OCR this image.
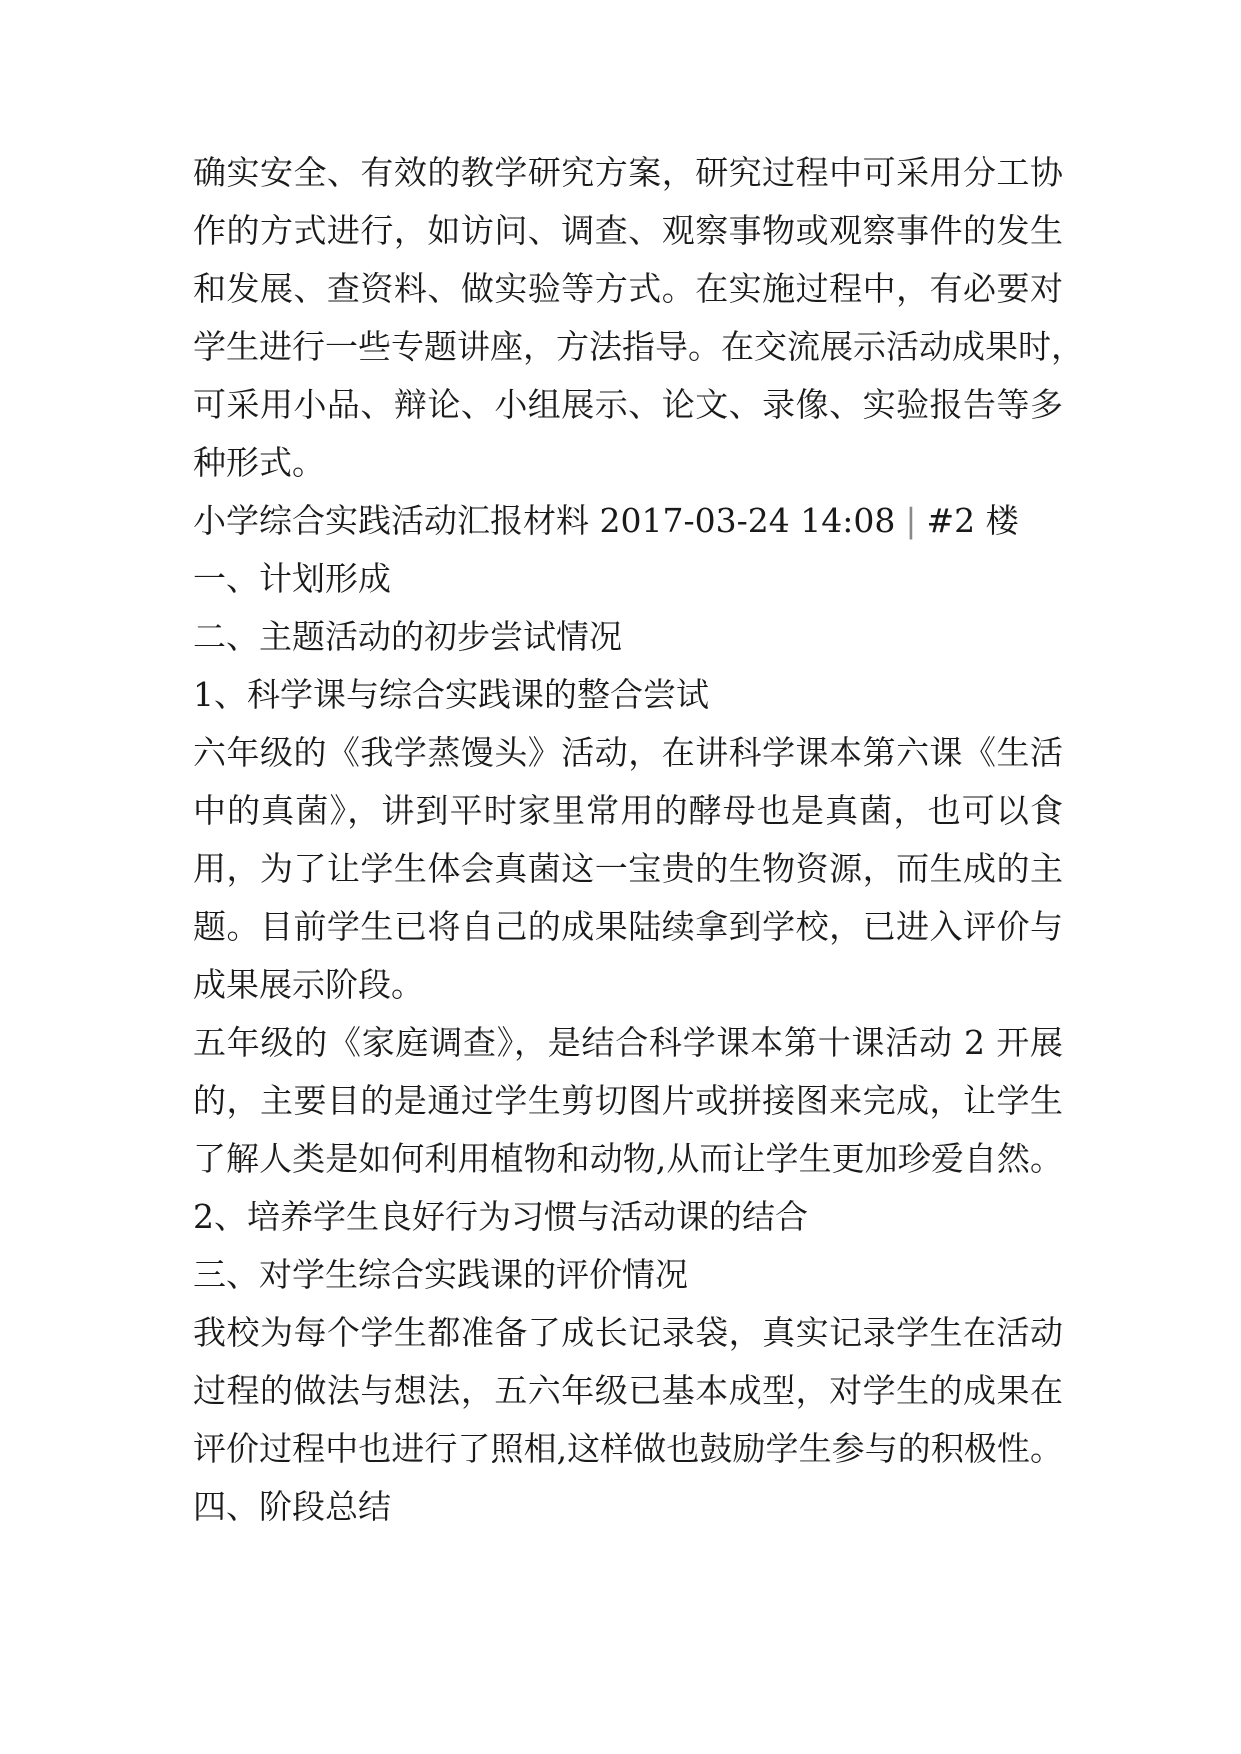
确实安全、有效的教学研究方案，研究过程中可采用分工协
作的方式进行，如访问、调查、观察事物或观察事件的发生
和发展、查资料、做实验等方式。在实施过程中，有必要对
学生进行一些专题讲座，方法指导。在交流展示活动成果时，
可采用小品、辩论、小组展示、论文、录像、实验报告等多
种形式。
小学综合实践活动汇报材料 2017-03-24 14:08 | #2 楼
一、计划形成
二、主题活动的初步尝试情况
1、科学课与综合实践课的整合尝试
六年级的《我学蒸馒头》活动，在讲科学课本第六课《生活
中的真菌》，讲到平时家里常用的酵母也是真菌，也可以食
用，为了让学生体会真菌这一宝贵的生物资源，而生成的主
题。目前学生已将自己的成果陆续拿到学校，已进入评价与
成果展示阶段。
五年级的《家庭调查》，是结合科学课本第十课活动 2 开展
的，主要目的是通过学生剪切图片或拼接图来完成，让学生
了解人类是如何利用植物和动物,从而让学生更加珍爱自然。
2、培养学生良好行为习惯与活动课的结合
三、对学生综合实践课的评价情况
我校为每个学生都准备了成长记录袋，真实记录学生在活动
过程的做法与想法，五六年级已基本成型，对学生的成果在
评价过程中也进行了照相,这样做也鼓励学生参与的积极性。
四、阶段总结
